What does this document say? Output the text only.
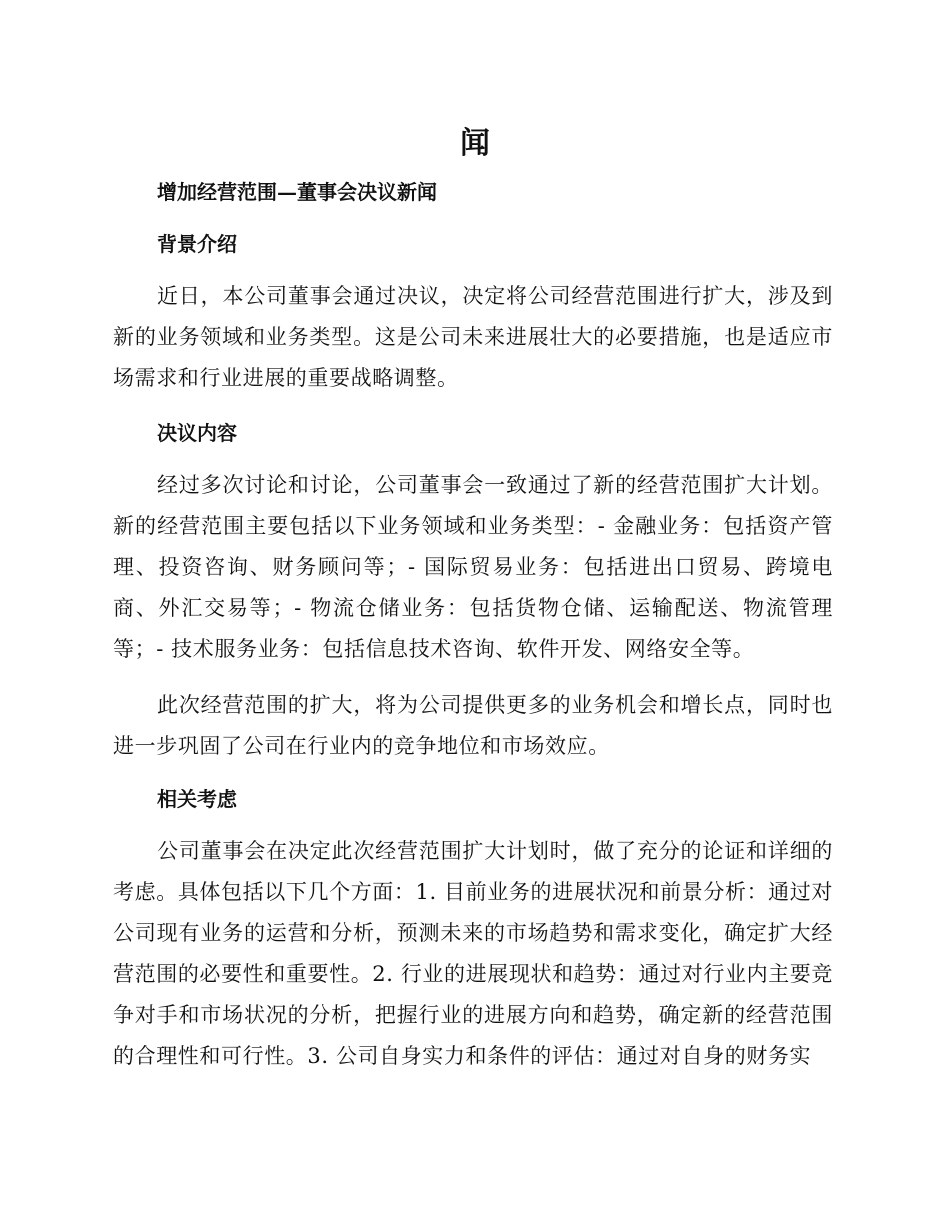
闻
增加经营范围—董事会决议新闻
背景介绍
近日，本公司董事会通过决议，决定将公司经营范围进行扩大，涉及到新的业务领域和业务类型。这是公司未来进展壮大的必要措施，也是适应市场需求和行业进展的重要战略调整。
决议内容
经过多次讨论和讨论，公司董事会一致通过了新的经营范围扩大计划。新的经营范围主要包括以下业务领域和业务类型：- 金融业务：包括资产管理、投资咨询、财务顾问等；- 国际贸易业务：包括进出口贸易、跨境电商、外汇交易等；- 物流仓储业务：包括货物仓储、运输配送、物流管理等；- 技术服务业务：包括信息技术咨询、软件开发、网络安全等。
此次经营范围的扩大，将为公司提供更多的业务机会和增长点，同时也进一步巩固了公司在行业内的竞争地位和市场效应。
相关考虑
公司董事会在决定此次经营范围扩大计划时，做了充分的论证和详细的考虑。具体包括以下几个方面：1. 目前业务的进展状况和前景分析：通过对公司现有业务的运营和分析，预测未来的市场趋势和需求变化，确定扩大经营范围的必要性和重要性。2. 行业的进展现状和趋势：通过对行业内主要竞争对手和市场状况的分析，把握行业的进展方向和趋势，确定新的经营范围的合理性和可行性。3. 公司自身实力和条件的评估：通过对自身的财务实
